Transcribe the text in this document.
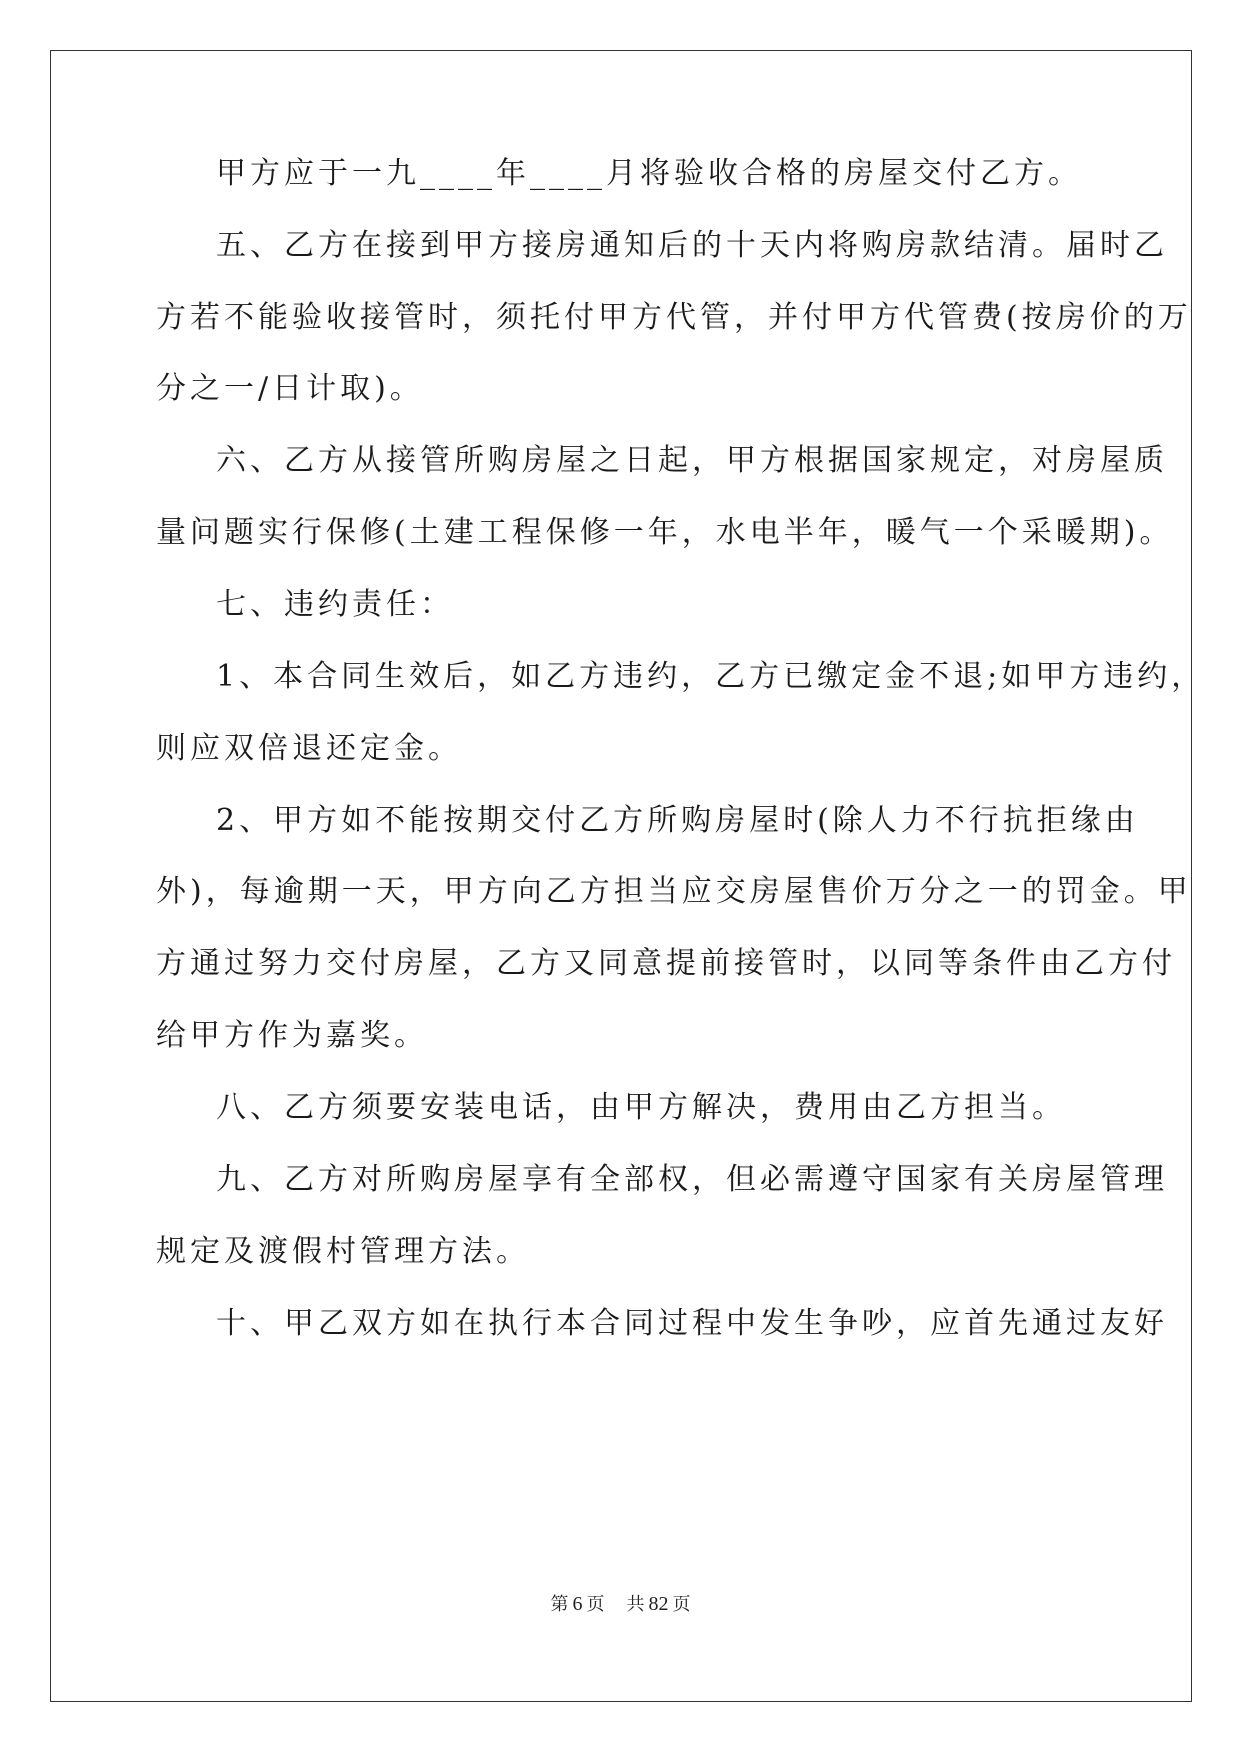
甲方应于一九____年____月将验收合格的房屋交付乙方。
五、乙方在接到甲方接房通知后的十天内将购房款结清。届时乙
方若不能验收接管时，须托付甲方代管，并付甲方代管费(按房价的万
分之一/日计取)。
六、乙方从接管所购房屋之日起，甲方根据国家规定，对房屋质
量问题实行保修(土建工程保修一年，水电半年，暖气一个采暖期)。
七、违约责任：
1、本合同生效后，如乙方违约，乙方已缴定金不退;如甲方违约，
则应双倍退还定金。
2、甲方如不能按期交付乙方所购房屋时(除人力不行抗拒缘由
外)，每逾期一天，甲方向乙方担当应交房屋售价万分之一的罚金。甲
方通过努力交付房屋，乙方又同意提前接管时，以同等条件由乙方付
给甲方作为嘉奖。
八、乙方须要安装电话，由甲方解决，费用由乙方担当。
九、乙方对所购房屋享有全部权，但必需遵守国家有关房屋管理
规定及渡假村管理方法。
十、甲乙双方如在执行本合同过程中发生争吵，应首先通过友好
第 6 页 共 82 页
